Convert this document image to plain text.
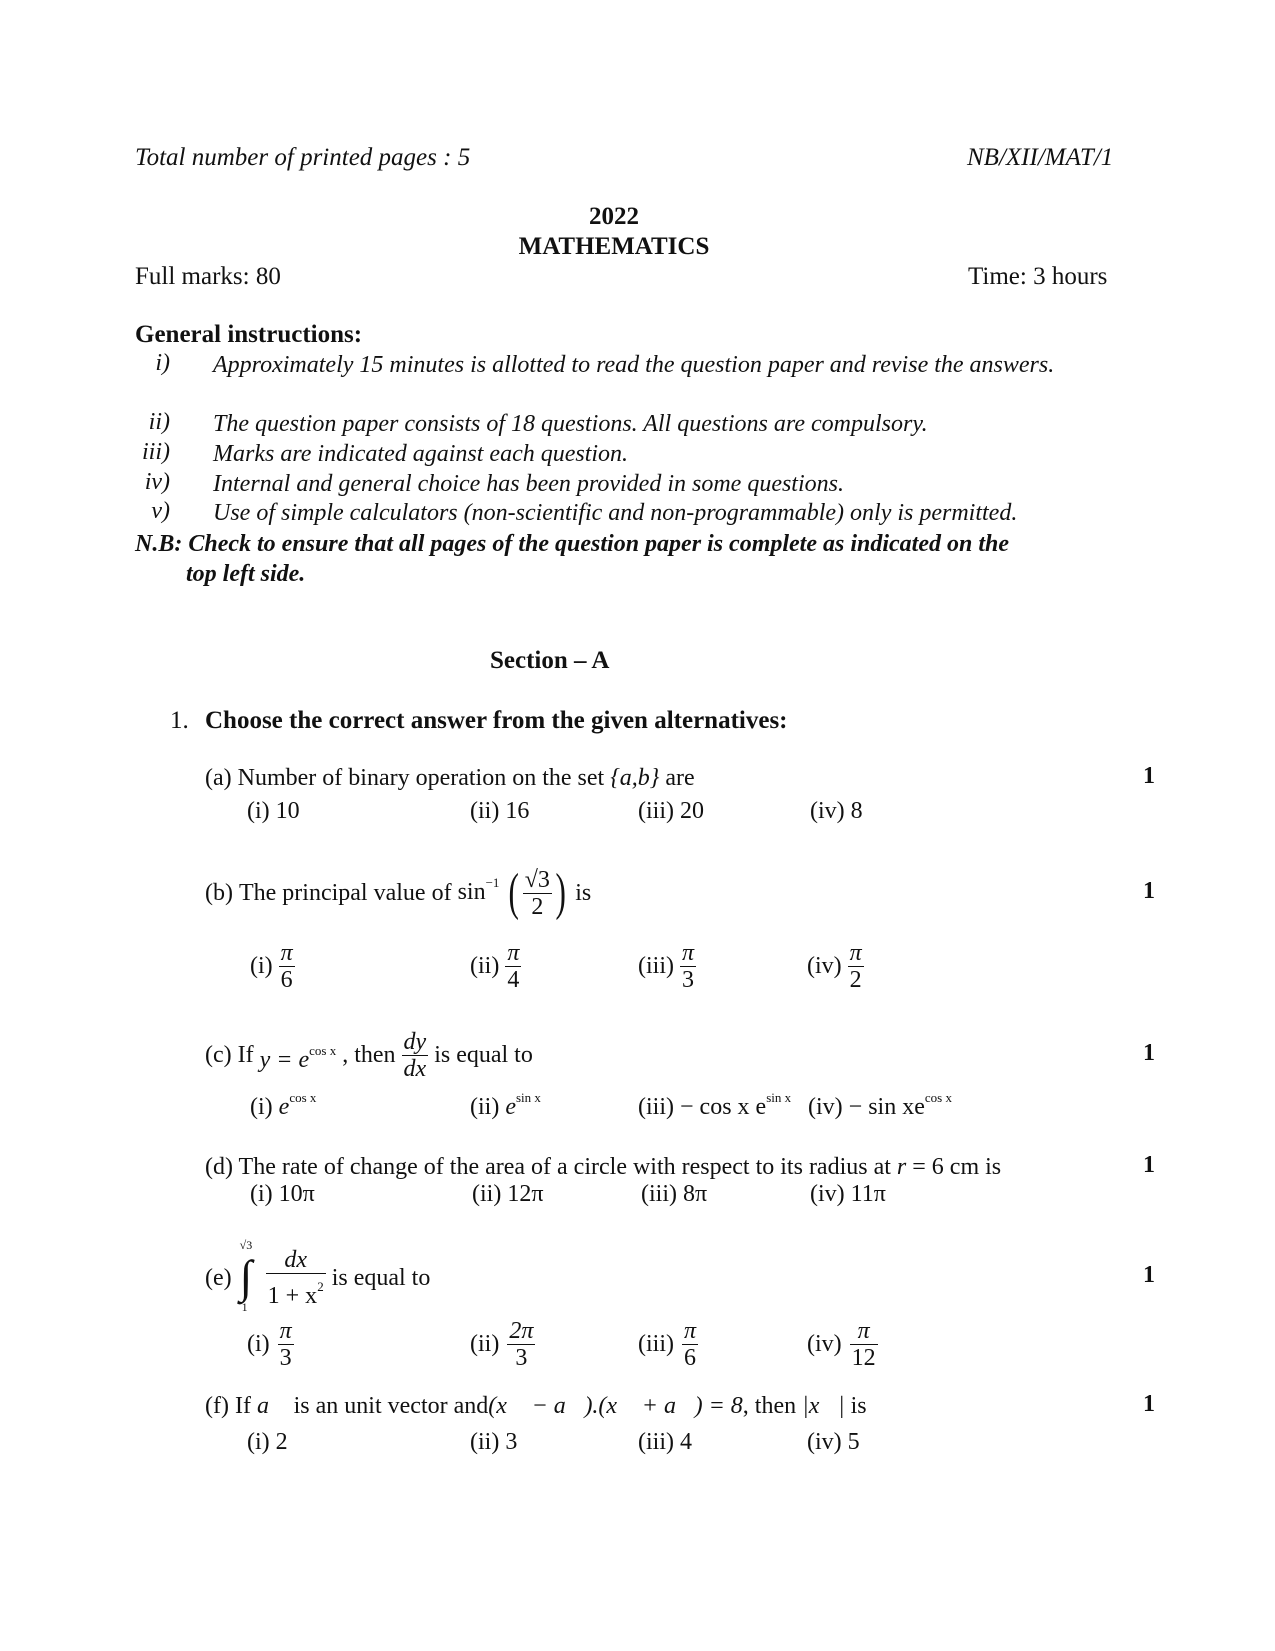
Total number of printed pages : 5	NB/XII/MAT/1
2022
MATHEMATICS
Full marks: 80	Time: 3 hours
General instructions:
i) Approximately 15 minutes is allotted to read the question paper and revise the answers.
ii) The question paper consists of 18 questions. All questions are compulsory.
iii) Marks are indicated against each question.
iv) Internal and general choice has been provided in some questions.
v) Use of simple calculators (non-scientific and non-programmable) only is permitted.
N.B: Check to ensure that all pages of the question paper is complete as indicated on the
top left side.
Section – A
1. Choose the correct answer from the given alternatives:
(a) Number of binary operation on the set {a,b} are	1
(i) 10	(ii) 16	(iii) 20	(iv) 8
(b) The principal value of $\sin^{-1}$ ( $\frac{√3}{2}$ ) is	1
$(i) \frac{\pi}{6}$	$(ii) \frac{\pi}{4}$	$(iii) \frac{\pi}{3}$	$(iv) \frac{\pi}{2}$
(c) If $y = e^{cos x}$ , then $\frac{dy}{dx}$ is equal to	1
(i) $e^{cos x}$	(ii) $e^{sin x}$	(iii) − cos x $e^{sin x}$ $(iv) - \sin xe^{cos x}$
(d) The rate of change of the area of a circle with respect to its radius at r = 6 cm is	1
(i) 10π	(ii) 12π	(iii) 8π	(iv) 11π
(e)
√3
∫
$1 \frac{dx}{1 + x^2}$ is equal to	1
$(i) \frac{\pi}{3}$	$(ii) \frac{2\pi}{3}$	$(iii) \frac{\pi}{6}$	$(iv) \frac{\pi}{12}$
(f) If a⃗ is an unit vector and(x⃗ − a⃗).(x⃗ + a⃗) = 8, then |x⃗| is	1
(i) 2	(ii) 3	(iii) 4	(iv) 5
